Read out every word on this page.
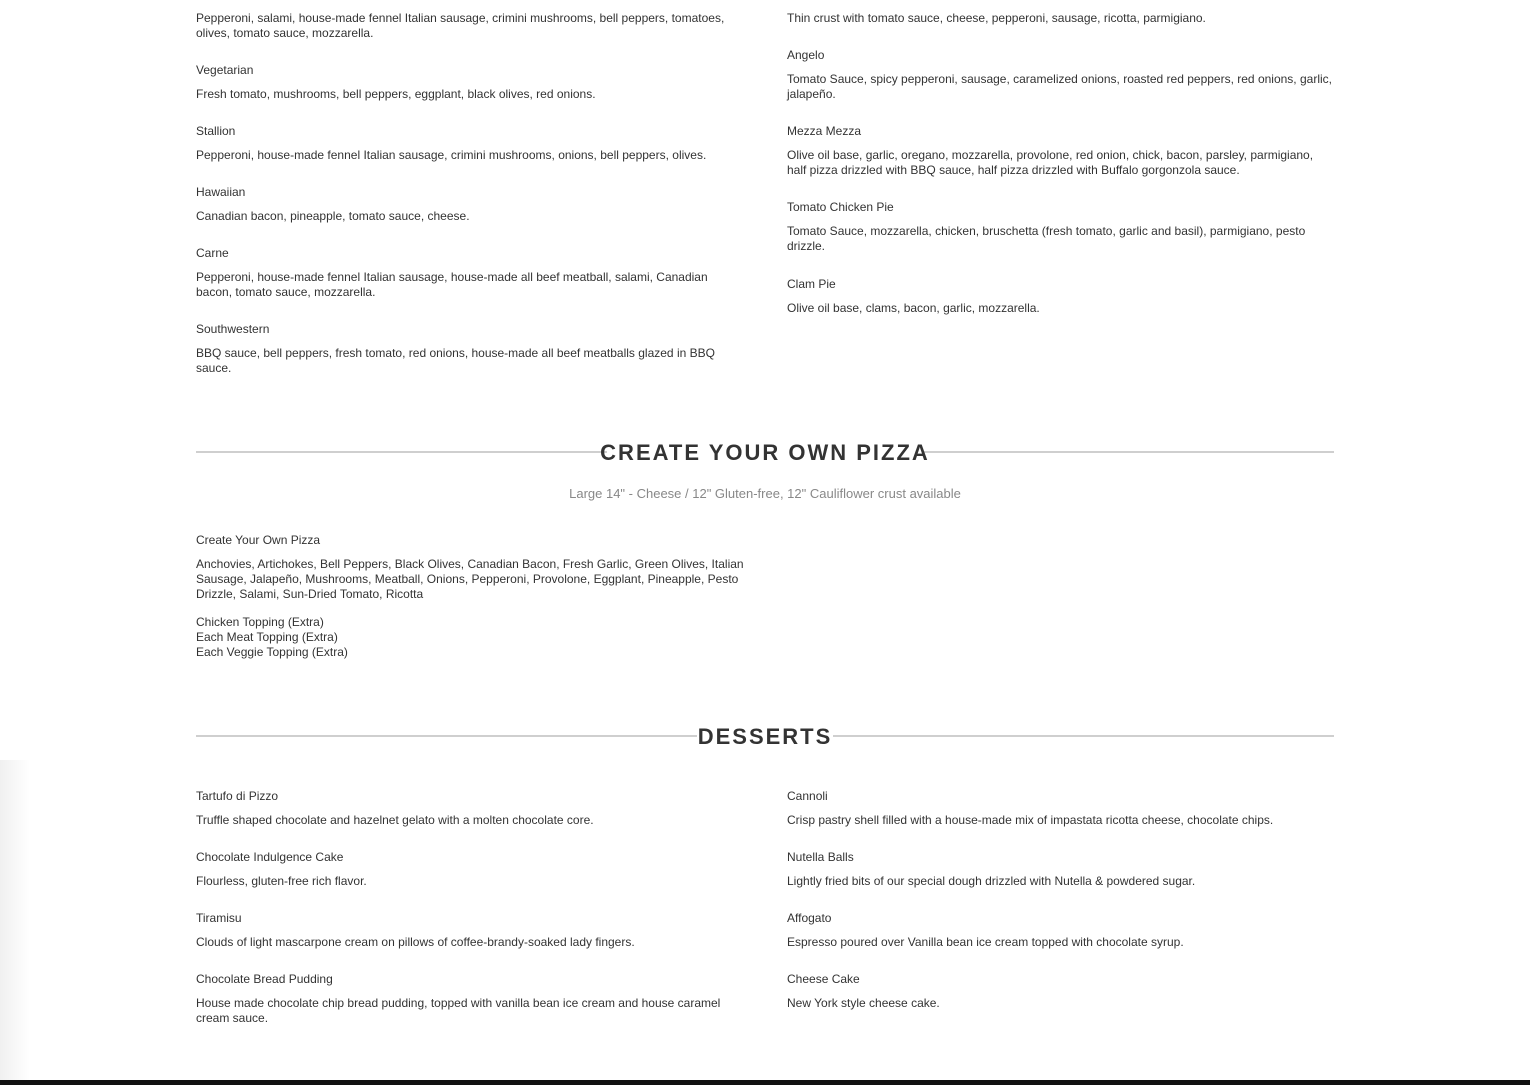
Pepperoni, salami, house-made fennel Italian sausage, crimini mushrooms, bell peppers, tomatoes, olives, tomato sauce, mozzarella.

Vegetarian

Fresh tomato, mushrooms, bell peppers, eggplant, black olives, red onions.

Stallion

Pepperoni, house-made fennel Italian sausage, crimini mushrooms, onions, bell peppers, olives.

Hawaiian

Canadian bacon, pineapple, tomato sauce, cheese.

Carne

Pepperoni, house-made fennel Italian sausage, house-made all beef meatball, salami, Canadian bacon, tomato sauce, mozzarella.

Southwestern

BBQ sauce, bell peppers, fresh tomato, red onions, house-made all beef meatballs glazed in BBQ sauce.

Thin crust with tomato sauce, cheese, pepperoni, sausage, ricotta, parmigiano.

Angelo

Tomato Sauce, spicy pepperoni, sausage, caramelized onions, roasted red peppers, red onions, garlic, jalapeño.

Mezza Mezza

Olive oil base, garlic, oregano, mozzarella, provolone, red onion, chick, bacon, parsley, parmigiano, half pizza drizzled with BBQ sauce, half pizza drizzled with Buffalo gorgonzola sauce.

Tomato Chicken Pie

Tomato Sauce, mozzarella, chicken, bruschetta (fresh tomato, garlic and basil), parmigiano, pesto drizzle.

Clam Pie

Olive oil base, clams, bacon, garlic, mozzarella.

CREATE YOUR OWN PIZZA
Large 14" - Cheese / 12" Gluten-free, 12" Cauliflower crust available

Create Your Own Pizza

Anchovies, Artichokes, Bell Peppers, Black Olives, Canadian Bacon, Fresh Garlic, Green Olives, Italian Sausage, Jalapeño, Mushrooms, Meatball, Onions, Pepperoni, Provolone, Eggplant, Pineapple, Pesto Drizzle, Salami, Sun-Dried Tomato, Ricotta

Chicken Topping (Extra)
Each Meat Topping (Extra)
Each Veggie Topping (Extra)
DESSERTS

Tartufo di Pizzo

Truffle shaped chocolate and hazelnet gelato with a molten chocolate core.

Chocolate Indulgence Cake

Flourless, gluten-free rich flavor.

Tiramisu

Clouds of light mascarpone cream on pillows of coffee-brandy-soaked lady fingers.

Chocolate Bread Pudding

House made chocolate chip bread pudding, topped with vanilla bean ice cream and house caramel cream sauce.

Cannoli

Crisp pastry shell filled with a house-made mix of impastata ricotta cheese, chocolate chips.

Nutella Balls

Lightly fried bits of our special dough drizzled with Nutella & powdered sugar.

Affogato

Espresso poured over Vanilla bean ice cream topped with chocolate syrup.

Cheese Cake

New York style cheese cake.
